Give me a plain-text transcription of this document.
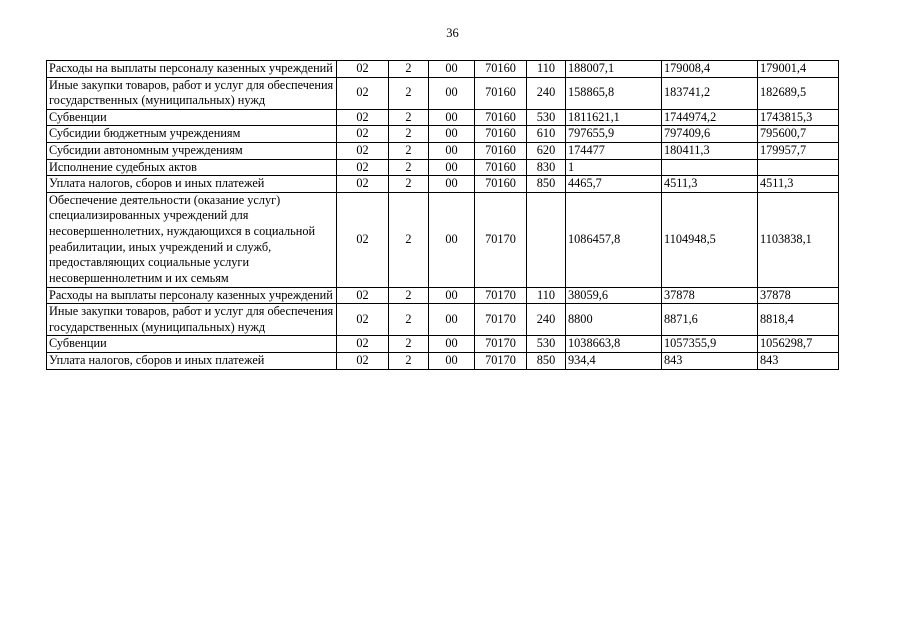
36
Расходы на выплаты персоналу казенных учреждений	02	2	00	70160	110	188007,1	179008,4	179001,4
Иные закупки товаров, работ и услуг для обеспечения государственных (муниципальных) нужд	02	2	00	70160	240	158865,8	183741,2	182689,5
Субвенции	02	2	00	70160	530	1811621,1	1744974,2	1743815,3
Субсидии бюджетным учреждениям	02	2	00	70160	610	797655,9	797409,6	795600,7
Субсидии автономным учреждениям	02	2	00	70160	620	174477	180411,3	179957,7
Исполнение судебных актов	02	2	00	70160	830	1		
Уплата налогов, сборов и иных платежей	02	2	00	70160	850	4465,7	4511,3	4511,3
Обеспечение деятельности (оказание услуг) специализированных учреждений для несовершеннолетних, нуждающихся в социальной реабилитации, иных учреждений и служб, предоставляющих социальные услуги несовершеннолетним и их семьям	02	2	00	70170		1086457,8	1104948,5	1103838,1
Расходы на выплаты персоналу казенных учреждений	02	2	00	70170	110	38059,6	37878	37878
Иные закупки товаров, работ и услуг для обеспечения государственных (муниципальных) нужд	02	2	00	70170	240	8800	8871,6	8818,4
Субвенции	02	2	00	70170	530	1038663,8	1057355,9	1056298,7
Уплата налогов, сборов и иных платежей	02	2	00	70170	850	934,4	843	843
